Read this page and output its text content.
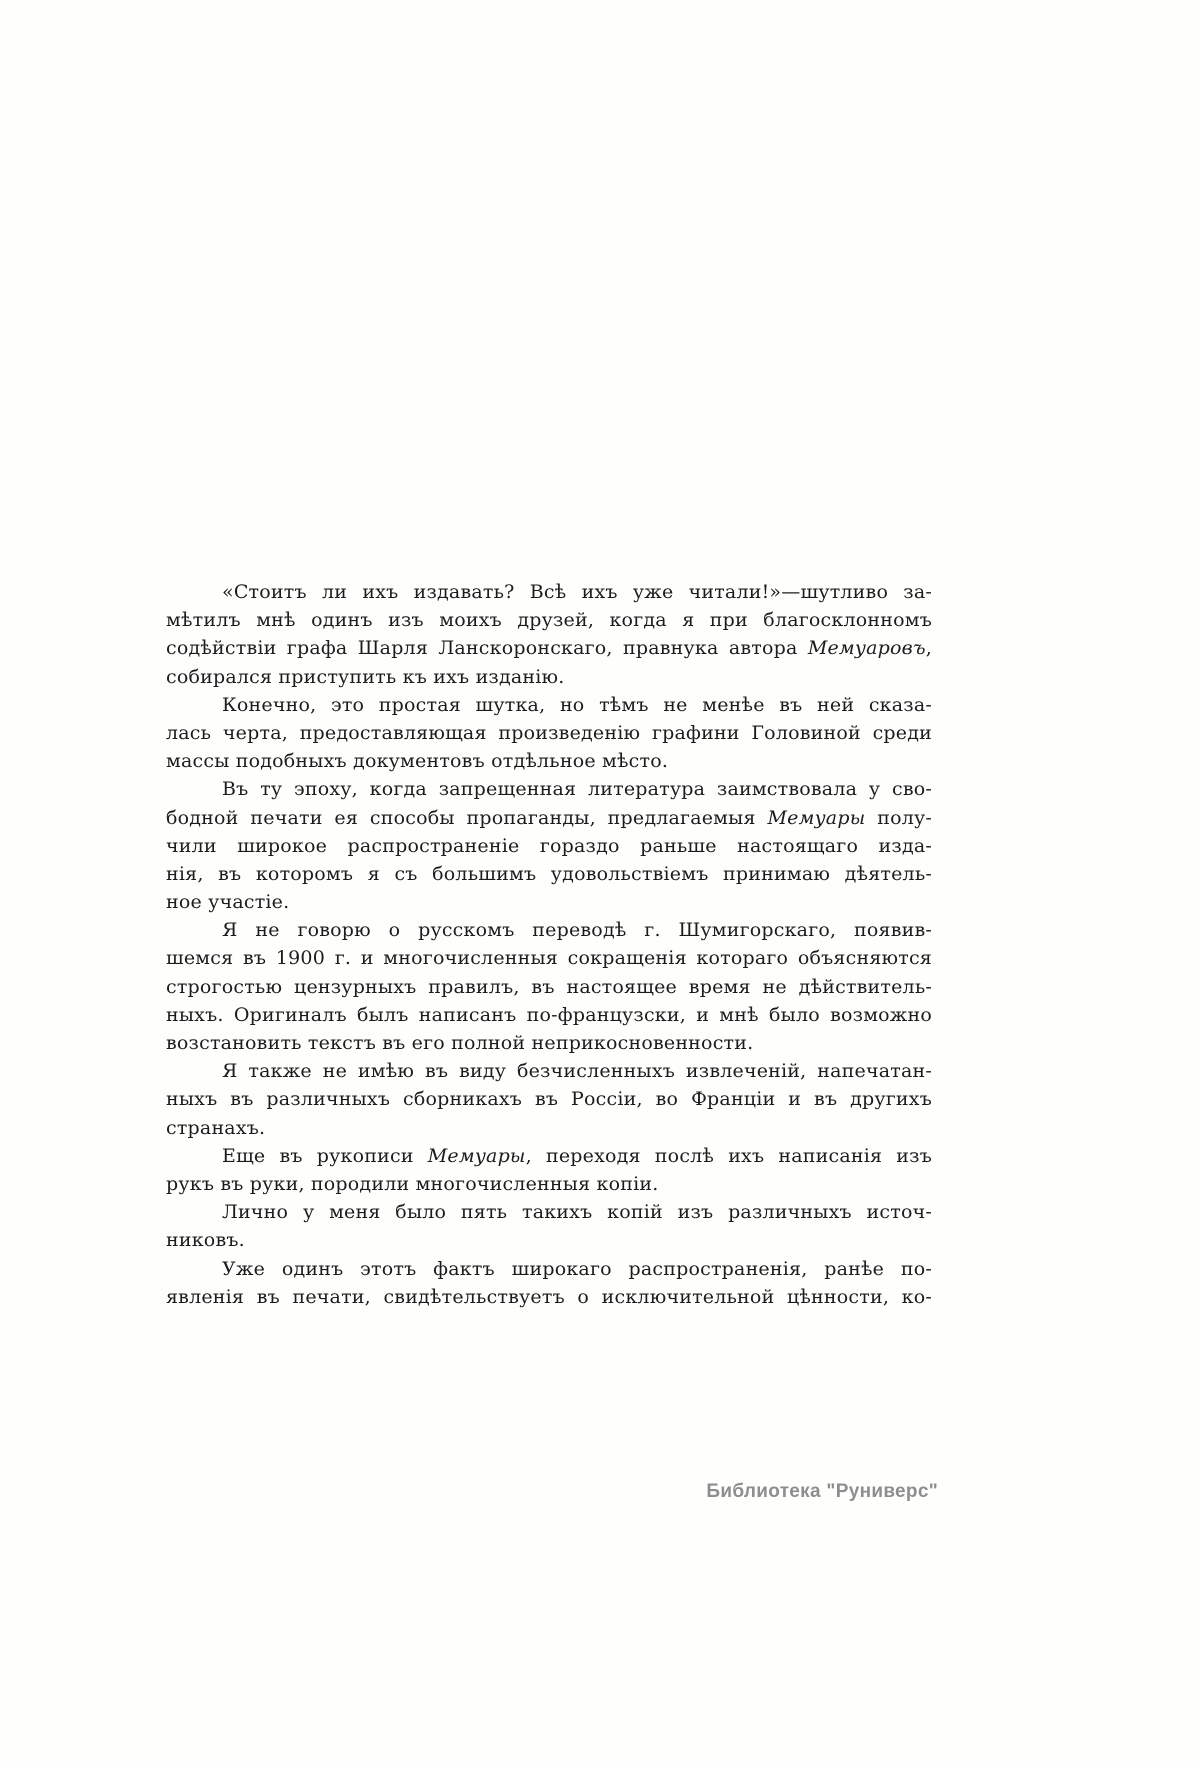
«Стоитъ ли ихъ издавать? Всѣ ихъ уже читали!»—шутливо за-
мѣтилъ мнѣ одинъ изъ моихъ друзей, когда я при благосклонномъ
содѣйствіи графа Шарля Ланскоронскаго, правнука автора Мемуаровъ,
собирался приступить къ ихъ изданію.
Конечно, это простая шутка, но тѣмъ не менѣе въ ней сказа-
лась черта, предоставляющая произведенію графини Головиной среди
массы подобныхъ документовъ отдѣльное мѣсто.
Въ ту эпоху, когда запрещенная литература заимствовала у сво-
бодной печати ея способы пропаганды, предлагаемыя Мемуары полу-
чили широкое распространеніе гораздо раньше настоящаго изда-
нія, въ которомъ я съ большимъ удовольствіемъ принимаю дѣятель-
ное участіе.
Я не говорю о русскомъ переводѣ г. Шумигорскаго, появив-
шемся въ 1900 г. и многочисленныя сокращенія котораго объясняются
строгостью цензурныхъ правилъ, въ настоящее время не дѣйствитель-
ныхъ. Оригиналъ былъ написанъ по-французски, и мнѣ было возможно
возстановить текстъ въ его полной неприкосновенности.
Я также не имѣю въ виду безчисленныхъ извлеченій, напечатан-
ныхъ въ различныхъ сборникахъ въ Россіи, во Франціи и въ другихъ
странахъ.
Еще въ рукописи Мемуары, переходя послѣ ихъ написанія изъ
рукъ въ руки, породили многочисленныя копіи.
Лично у меня было пять такихъ копій изъ различныхъ источ-
никовъ.
Уже одинъ этотъ фактъ широкаго распространенія, ранѣе по-
явленія въ печати, свидѣтельствуетъ о исключительной цѣнности, ко-
Библиотека "Руниверс"
